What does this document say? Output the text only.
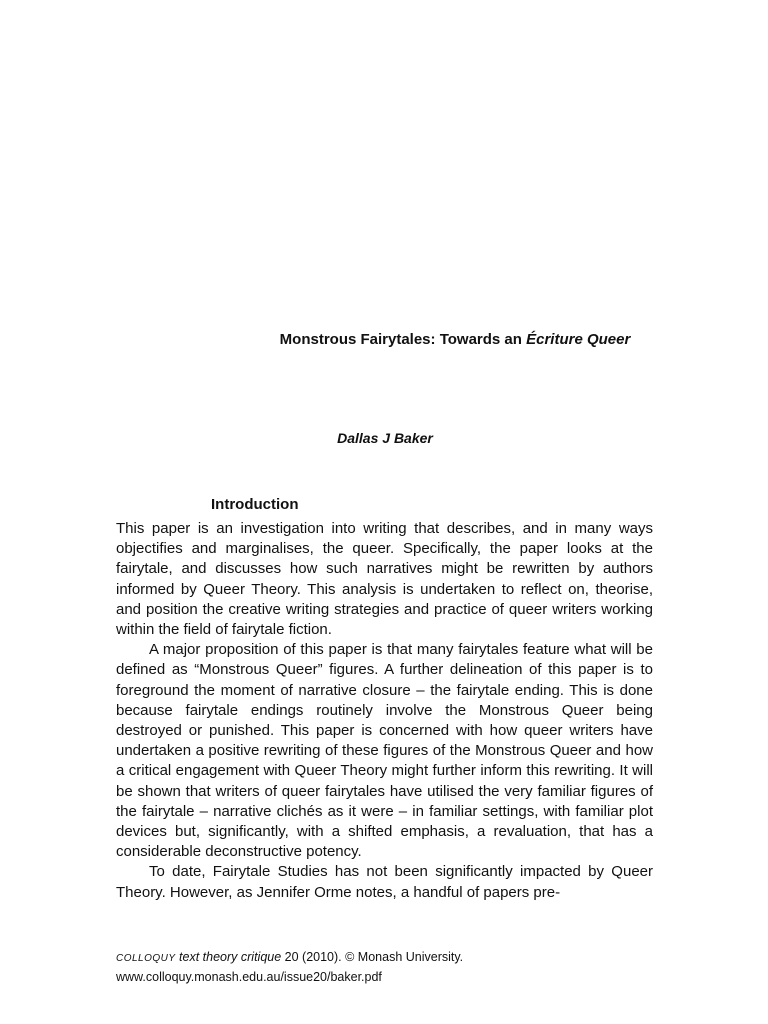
Monstrous Fairytales: Towards an Écriture Queer
Dallas J Baker
Introduction

This paper is an investigation into writing that describes, and in many ways objectifies and marginalises, the queer. Specifically, the paper looks at the fairytale, and discusses how such narratives might be rewritten by authors informed by Queer Theory. This analysis is undertaken to reflect on, theorise, and position the creative writing strategies and practice of queer writers working within the field of fairytale fiction.

A major proposition of this paper is that many fairytales feature what will be defined as “Monstrous Queer” figures. A further delineation of this paper is to foreground the moment of narrative closure – the fairytale ending. This is done because fairytale endings routinely involve the Monstrous Queer being destroyed or punished. This paper is concerned with how queer writers have undertaken a positive rewriting of these figures of the Monstrous Queer and how a critical engagement with Queer Theory might further inform this rewriting. It will be shown that writers of queer fairytales have utilised the very familiar figures of the fairytale – narrative clichés as it were – in familiar settings, with familiar plot devices but, significantly, with a shifted emphasis, a revaluation, that has a considerable deconstructive potency.

To date, Fairytale Studies has not been significantly impacted by Queer Theory. However, as Jennifer Orme notes, a handful of papers pre-

COLLOQUY text theory critique 20 (2010). © Monash University.
www.colloquy.monash.edu.au/issue20/baker.pdf
